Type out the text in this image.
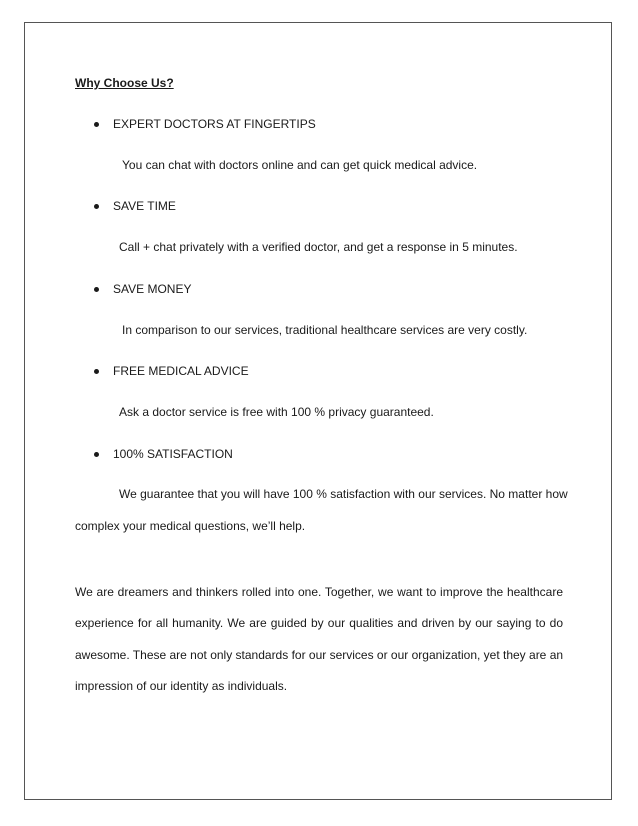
Why Choose Us?

EXPERT DOCTORS AT FINGERTIPS
You can chat with doctors online and can get quick medical advice.
SAVE TIME
Call + chat privately with a verified doctor, and get a response in 5 minutes.
SAVE MONEY
In comparison to our services, traditional healthcare services are very costly.
FREE MEDICAL ADVICE
Ask a doctor service is free with 100 % privacy guaranteed.
100% SATISFACTION
We guarantee that you will have 100 % satisfaction with our services. No matter how
complex your medical questions, we’ll help.
We are dreamers and thinkers rolled into one. Together, we want to improve the healthcare
experience for all humanity. We are guided by our qualities and driven by our saying to do
awesome. These are not only standards for our services or our organization, yet they are an
impression of our identity as individuals.
